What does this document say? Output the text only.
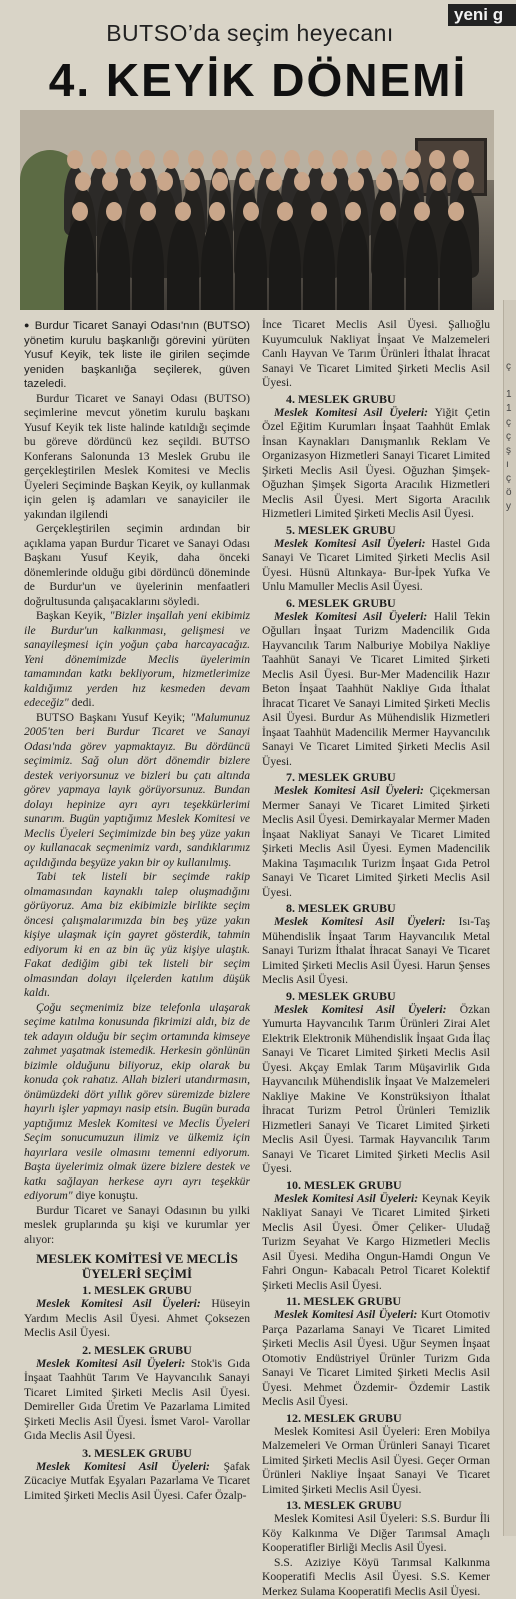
yeni g
ç
1
1
ç
ç
ş
ı
ç
ö
y
BUTSO’da seçim heyecanı
4. KEYİK DÖNEMİ

● Burdur Ticaret Sanayi Odası'nın (BUTSO) yönetim kurulu başkanlığı görevini yürüten Yusuf Keyik, tek liste ile girilen seçimde yeniden başkanlığa seçilerek, güven tazeledi.

Burdur Ticaret ve Sanayi Odası (BUTSO) seçimlerine mevcut yönetim kurulu başkanı Yusuf Keyik tek liste halinde katıldığı seçimde bu göreve dördüncü kez seçildi. BUTSO Konferans Salonunda 13 Meslek Grubu ile gerçekleştirilen Meslek Komitesi ve Meclis Üyeleri Seçiminde Başkan Keyik, oy kullanmak için gelen iş adamları ve sanayiciler ile yakından ilgilendi

Gerçekleştirilen seçimin ardından bir açıklama yapan Burdur Ticaret ve Sanayi Odası Başkanı Yusuf Keyik, daha önceki dönemlerinde olduğu gibi dördüncü döneminde de Burdur'un ve üyelerinin menfaatleri doğrultusunda çalışacaklarını söyledi.

Başkan Keyik, "Bizler inşallah yeni ekibimiz ile Burdur'un kalkınması, gelişmesi ve sanayileşmesi için yoğun çaba harcayacağız. Yeni dönemimizde Meclis üyelerimin tamamından katkı bekliyorum, hizmetlerimize kaldığımız yerden hız kesmeden devam edeceğiz" dedi.

BUTSO Başkanı Yusuf Keyik; "Malumunuz 2005'ten beri Burdur Ticaret ve Sanayi Odası'nda görev yapmaktayız. Bu dördüncü seçimimiz. Sağ olun dört dönemdir bizlere destek veriyorsunuz ve bizleri bu çatı altında görev yapmaya layık görüyorsunuz. Bundan dolayı hepinize ayrı ayrı teşekkürlerimi sunarım. Bugün yaptığımız Meslek Komitesi ve Meclis Üyeleri Seçimimizde bin beş yüze yakın oy kullanacak seçmenimiz vardı, sandıklarımız açıldığında beşyüze yakın bir oy kullanılmış.

Tabi tek listeli bir seçimde rakip olmamasından kaynaklı talep oluşmadığını görüyoruz. Ama biz ekibimizle birlikte seçim öncesi çalışmalarımızda bin beş yüze yakın kişiye ulaşmak için gayret gösterdik, tahmin ediyorum ki en az bin üç yüz kişiye ulaştık. Fakat dediğim gibi tek listeli bir seçim olmasından dolayı ilçelerden katılım düşük kaldı.

Çoğu seçmenimiz bize telefonla ulaşarak seçime katılma konusunda fikrimizi aldı, biz de tek adayın olduğu bir seçim ortamında kimseye zahmet yaşatmak istemedik. Herkesin gönlünün bizimle olduğunu biliyoruz, ekip olarak bu konuda çok rahatız. Allah bizleri utandırmasın, önümüzdeki dört yıllık görev süremizde bizlere hayırlı işler yapmayı nasip etsin. Bugün burada yaptığımız Meslek Komitesi ve Meclis Üyeleri Seçim sonucumuzun ilimiz ve ülkemiz için hayırlara vesile olmasını temenni ediyorum. Başta üyelerimiz olmak üzere bizlere destek ve katkı sağlayan herkese ayrı ayrı teşekkür ediyorum" diye konuştu.

Burdur Ticaret ve Sanayi Odasının bu yılki meslek gruplarında şu kişi ve kurumlar yer alıyor:

MESLEK KOMİTESİ VE MECLİS ÜYELERİ SEÇİMİ
1. MESLEK GRUBU

Meslek Komitesi Asil Üyeleri: Hüseyin Yardım Meclis Asil Üyesi. Ahmet Çoksezen Meclis Asil Üyesi.

2. MESLEK GRUBU

Meslek Komitesi Asil Üyeleri: Stok'is Gıda İnşaat Taahhüt Tarım Ve Hayvancılık Sanayi Ticaret Limited Şirketi Meclis Asil Üyesi. Demireller Gıda Üretim Ve Pazarlama Limited Şirketi Meclis Asil Üyesi. İsmet Varol- Varollar Gıda Meclis Asil Üyesi.

3. MESLEK GRUBU

Meslek Komitesi Asil Üyeleri: Şafak Zücaciye Mutfak Eşyaları Pazarlama Ve Ticaret Limited Şirketi Meclis Asil Üyesi. Cafer Özalp-

İnce Ticaret Meclis Asil Üyesi. Şallıoğlu Kuyumculuk Nakliyat İnşaat Ve Malzemeleri Canlı Hayvan Ve Tarım Ürünleri İthalat İhracat Sanayi Ve Ticaret Limited Şirketi Meclis Asil Üyesi.

4. MESLEK GRUBU

Meslek Komitesi Asil Üyeleri: Yiğit Çetin Özel Eğitim Kurumları İnşaat Taahhüt Emlak İnsan Kaynakları Danışmanlık Reklam Ve Organizasyon Hizmetleri Sanayi Ticaret Limited Şirketi Meclis Asil Üyesi. Oğuzhan Şimşek- Oğuzhan Şimşek Sigorta Aracılık Hizmetleri Meclis Asil Üyesi. Mert Sigorta Aracılık Hizmetleri Limited Şirketi Meclis Asil Üyesi.

5. MESLEK GRUBU

Meslek Komitesi Asil Üyeleri: Hastel Gıda Sanayi Ve Ticaret Limited Şirketi Meclis Asil Üyesi. Hüsnü Altınkaya- Bur-İpek Yufka Ve Unlu Mamuller Meclis Asil Üyesi.

6. MESLEK GRUBU

Meslek Komitesi Asil Üyeleri: Halil Tekin Oğulları İnşaat Turizm Madencilik Gıda Hayvancılık Tarım Nalburiye Mobilya Nakliye Taahhüt Sanayi Ve Ticaret Limited Şirketi Meclis Asil Üyesi. Bur-Mer Madencilik Hazır Beton İnşaat Taahhüt Nakliye Gıda İthalat İhracat Ticaret Ve Sanayi Limited Şirketi Meclis Asil Üyesi. Burdur As Mühendislik Hizmetleri İnşaat Taahhüt Madencilik Mermer Hayvancılık Sanayi Ve Ticaret Limited Şirketi Meclis Asil Üyesi.

7. MESLEK GRUBU

Meslek Komitesi Asil Üyeleri: Çiçekmersan Mermer Sanayi Ve Ticaret Limited Şirketi Meclis Asil Üyesi. Demirkayalar Mermer Maden İnşaat Nakliyat Sanayi Ve Ticaret Limited Şirketi Meclis Asil Üyesi. Eymen Madencilik Makina Taşımacılık Turizm İnşaat Gıda Petrol Sanayi Ve Ticaret Limited Şirketi Meclis Asil Üyesi.

8. MESLEK GRUBU

Meslek Komitesi Asil Üyeleri: Isı-Taş Mühendislik İnşaat Tarım Hayvancılık Metal Sanayi Turizm İthalat İhracat Sanayi Ve Ticaret Limited Şirketi Meclis Asil Üyesi. Harun Şenses Meclis Asil Üyesi.

9. MESLEK GRUBU

Meslek Komitesi Asil Üyeleri: Özkan Yumurta Hayvancılık Tarım Ürünleri Zirai Alet Elektrik Elektronik Mühendislik İnşaat Gıda İlaç Sanayi Ve Ticaret Limited Şirketi Meclis Asil Üyesi. Akçay Emlak Tarım Müşavirlik Gıda Hayvancılık Mühendislik İnşaat Ve Malzemeleri Nakliye Makine Ve Konstrüksiyon İthalat İhracat Turizm Petrol Ürünleri Temizlik Hizmetleri Sanayi Ve Ticaret Limited Şirketi Meclis Asil Üyesi. Tarmak Hayvancılık Tarım Sanayi Ve Ticaret Limited Şirketi Meclis Asil Üyesi.

10. MESLEK GRUBU

Meslek Komitesi Asil Üyeleri: Keynak Keyik Nakliyat Sanayi Ve Ticaret Limited Şirketi Meclis Asil Üyesi. Ömer Çeliker- Uludağ Turizm Seyahat Ve Kargo Hizmetleri Meclis Asil Üyesi. Mediha Ongun-Hamdi Ongun Ve Fahri Ongun- Kabacalı Petrol Ticaret Kolektif Şirketi Meclis Asil Üyesi.

11. MESLEK GRUBU

Meslek Komitesi Asil Üyeleri: Kurt Otomotiv Parça Pazarlama Sanayi Ve Ticaret Limited Şirketi Meclis Asil Üyesi. Uğur Seymen İnşaat Otomotiv Endüstriyel Ürünler Turizm Gıda Sanayi Ve Ticaret Limited Şirketi Meclis Asil Üyesi. Mehmet Özdemir- Özdemir Lastik Meclis Asil Üyesi.

12. MESLEK GRUBU

Meslek Komitesi Asil Üyeleri: Eren Mobilya Malzemeleri Ve Orman Ürünleri Sanayi Ticaret Limited Şirketi Meclis Asil Üyesi. Geçer Orman Ürünleri Nakliye İnşaat Sanayi Ve Ticaret Limited Şirketi Meclis Asil Üyesi.

13. MESLEK GRUBU

Meslek Komitesi Asil Üyeleri: S.S. Burdur İli Köy Kalkınma Ve Diğer Tarımsal Amaçlı Kooperatifler Birliği Meclis Asil Üyesi.

S.S. Aziziye Köyü Tarımsal Kalkınma Kooperatifi Meclis Asil Üyesi. S.S. Kemer Merkez Sulama Kooperatifi Meclis Asil Üyesi.
